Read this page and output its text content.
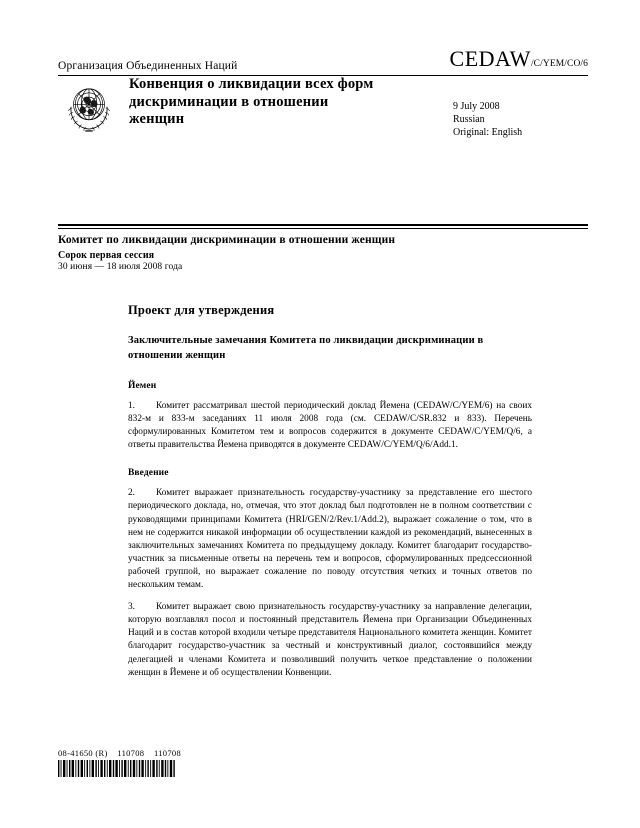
Организация Объединенных Наций	CEDAW /C/YEM/CO/6
Конвенция о ликвидации всех форм дискриминации в отношении женщин
9 July 2008
Russian
Original: English
Комитет по ликвидации дискриминации в отношении женщин
Сорок первая сессия
30 июня — 18 июля 2008 года
Проект для утверждения
Заключительные замечания Комитета по ликвидации дискриминации в отношении женщин
Йемен
1. Комитет рассматривал шестой периодический доклад Йемена (CEDAW/C/YEM/6) на своих 832-м и 833-м заседаниях 11 июля 2008 года (см. CEDAW/C/SR.832 и 833). Перечень сформулированных Комитетом тем и вопросов содержится в документе CEDAW/C/YEM/Q/6, а ответы правительства Йемена приводятся в документе CEDAW/C/YEM/Q/6/Add.1.
Введение
2. Комитет выражает признательность государству-участнику за представление его шестого периодического доклада, но, отмечая, что этот доклад был подготовлен не в полном соответствии с руководящими принципами Комитета (HRI/GEN/2/Rev.1/Add.2), выражает сожаление о том, что в нем не содержится никакой информации об осуществлении каждой из рекомендаций, вынесенных в заключительных замечаниях Комитета по предыдущему докладу. Комитет благодарит государство-участник за письменные ответы на перечень тем и вопросов, сформулированных предсессионной рабочей группой, но выражает сожаление по поводу отсутствия четких и точных ответов по нескольким темам.
3. Комитет выражает свою признательность государству-участнику за направление делегации, которую возглавлял посол и постоянный представитель Йемена при Организации Объединенных Наций и в состав которой входили четыре представителя Национального комитета женщин. Комитет благодарит государство-участник за честный и конструктивный диалог, состоявшийся между делегацией и членами Комитета и позволивший получить четкое представление о положении женщин в Йемене и об осуществлении Конвенции.
08-41650 (R)    110708    110708
